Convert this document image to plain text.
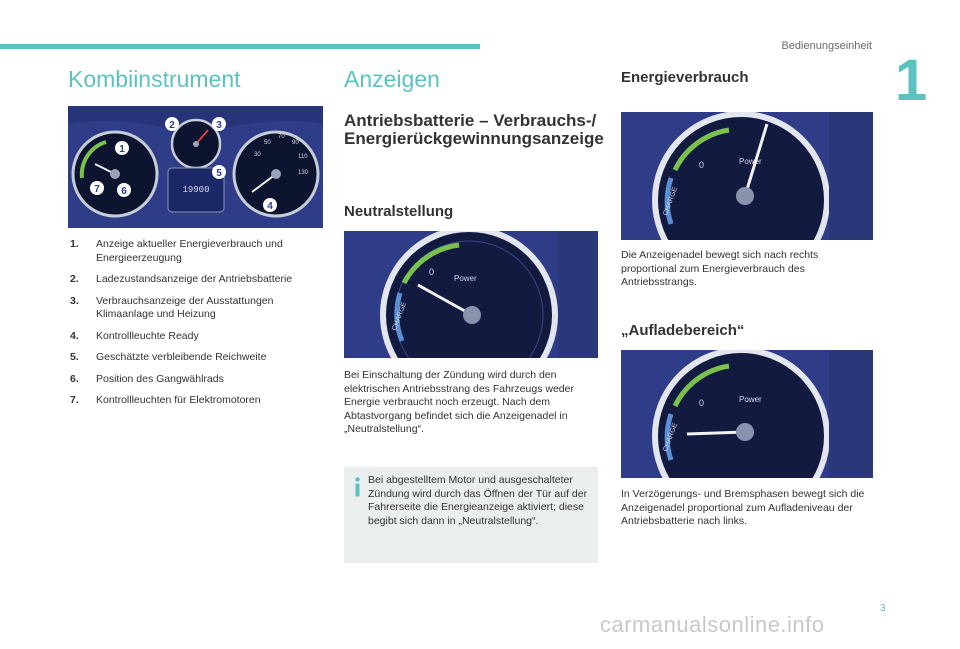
Bedienungseinheit
1
Kombiinstrument
19900
30
50
70
90
110
130
1
2	3
4
5
6
7
1. Anzeige aktueller Energieverbrauch und Energieerzeugung
2. Ladezustandsanzeige der Antriebsbatterie
3. Verbrauchsanzeige der Ausstattungen Klimaanlage und Heizung
4. Kontrollleuchte Ready
5. Geschätzte verbleibende Reichweite
6. Position des Gangwählrads
7. Kontrollleuchten für Elektromotoren
Anzeigen
Antriebsbatterie – Verbrauchs-/ Energierückgewinnungsanzeige
Neutralstellung
CHARGE
Power
0

Bei Einschaltung der Zündung wird durch den elektrischen Antriebsstrang des Fahrzeugs weder Energie verbraucht noch erzeugt. Nach dem Abtastvorgang befindet sich die Anzeigenadel in „Neutralstellung“.

Bei abgestelltem Motor und ausgeschalteter Zündung wird durch das Öffnen der Tür auf der Fahrerseite die Energieanzeige aktiviert; diese begibt sich dann in „Neutralstellung“.
Energieverbrauch
CHARGE
Power
0

Die Anzeigenadel bewegt sich nach rechts proportional zum Energieverbrauch des Antriebsstrangs.

„Aufladebereich“
CHARGE
Power
0

In Verzögerungs- und Bremsphasen bewegt sich die Anzeigenadel proportional zum Aufladeniveau der Antriebsbatterie nach links.

carmanualsonline.info
3
